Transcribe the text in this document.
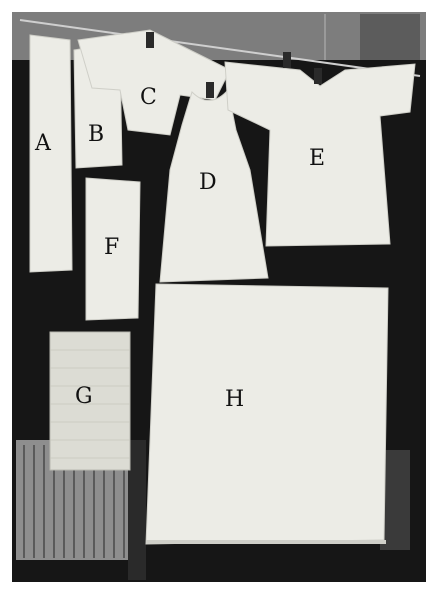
A B
C
D
E
F
G	H
